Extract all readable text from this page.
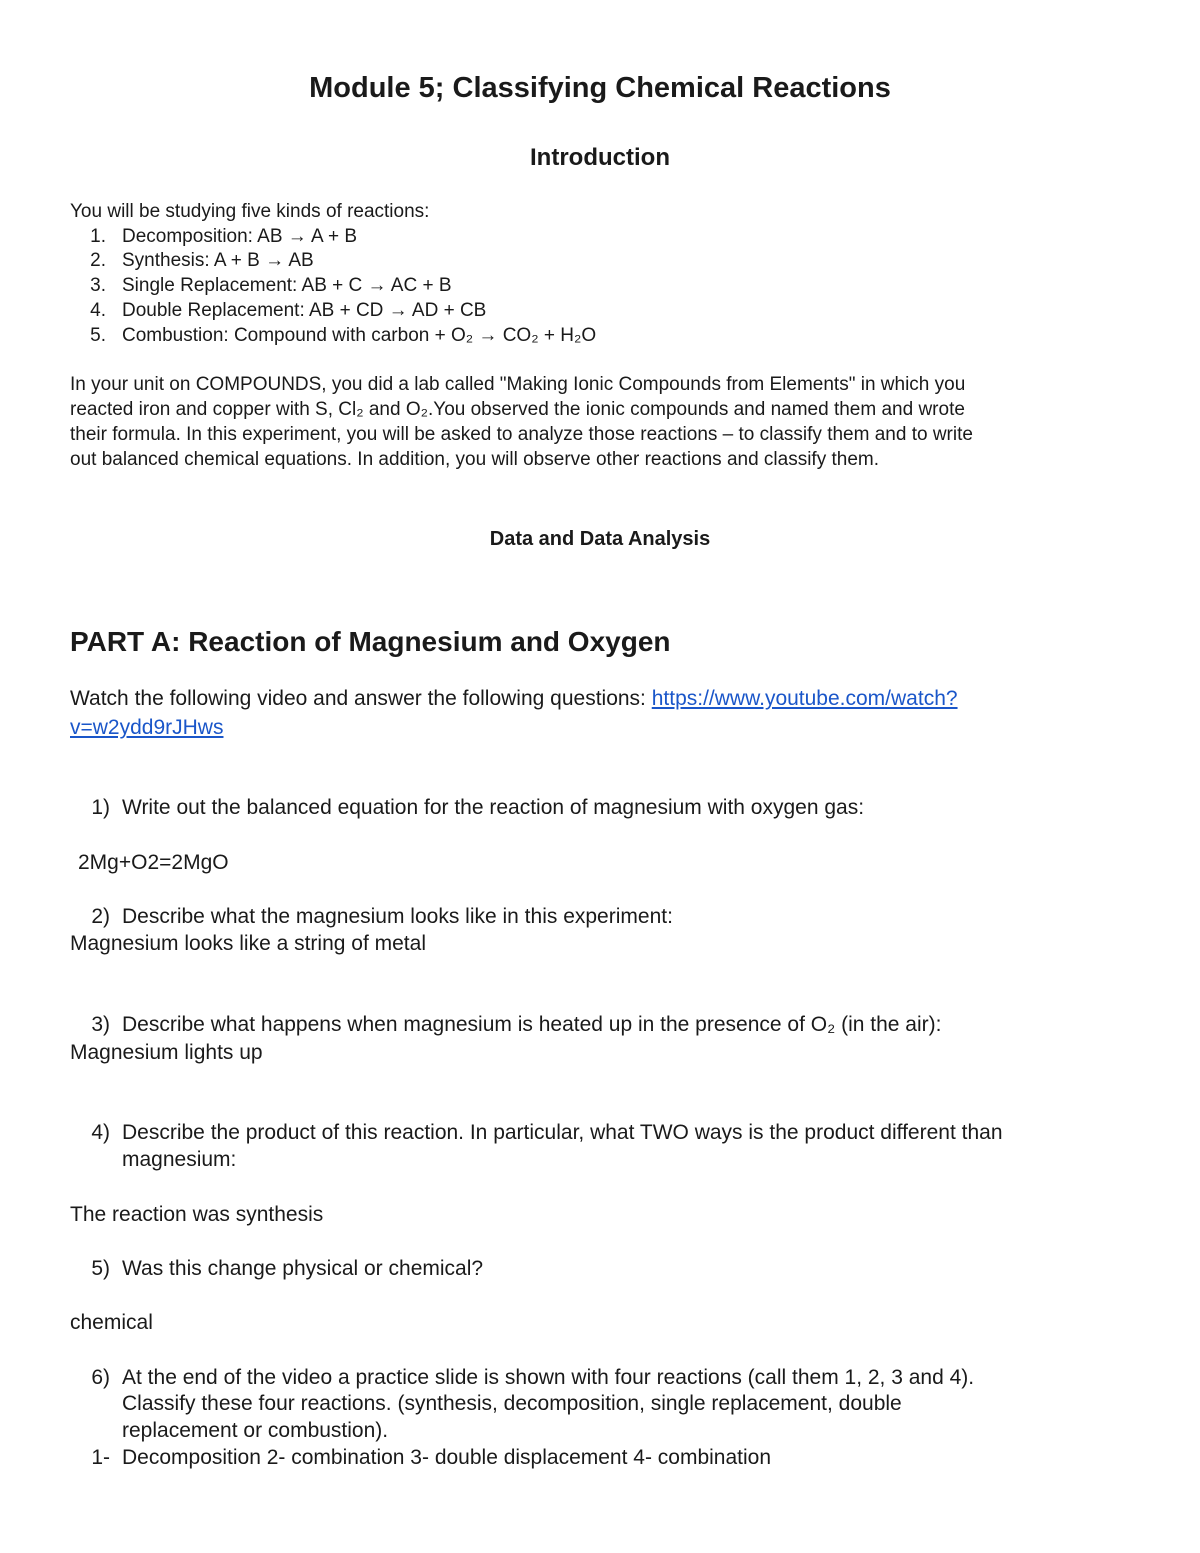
Module 5; Classifying Chemical Reactions
Introduction
You will be studying five kinds of reactions:
1. Decomposition: AB → A + B
2. Synthesis: A + B → AB
3. Single Replacement: AB + C → AC + B
4. Double Replacement: AB + CD → AD + CB
5. Combustion: Compound with carbon + O₂ → CO₂ + H₂O
In your unit on COMPOUNDS, you did a lab called "Making Ionic Compounds from Elements" in which you
reacted iron and copper with S, Cl₂ and O₂.You observed the ionic compounds and named them and wrote
their formula. In this experiment, you will be asked to analyze those reactions – to classify them and to write
out balanced chemical equations. In addition, you will observe other reactions and classify them.
Data and Data Analysis
PART A: Reaction of Magnesium and Oxygen
Watch the following video and answer the following questions: https://www.youtube.com/watch?
v=w2ydd9rJHws
1) Write out the balanced equation for the reaction of magnesium with oxygen gas:
2Mg+O2=2MgO
2) Describe what the magnesium looks like in this experiment:
Magnesium looks like a string of metal
3) Describe what happens when magnesium is heated up in the presence of O₂ (in the air):
Magnesium lights up
4) Describe the product of this reaction. In particular, what TWO ways is the product different than
magnesium:
The reaction was synthesis
5) Was this change physical or chemical?
chemical
6) At the end of the video a practice slide is shown with four reactions (call them 1, 2, 3 and 4).
Classify these four reactions. (synthesis, decomposition, single replacement, double
replacement or combustion).
1- Decomposition 2- combination 3- double displacement 4- combination
